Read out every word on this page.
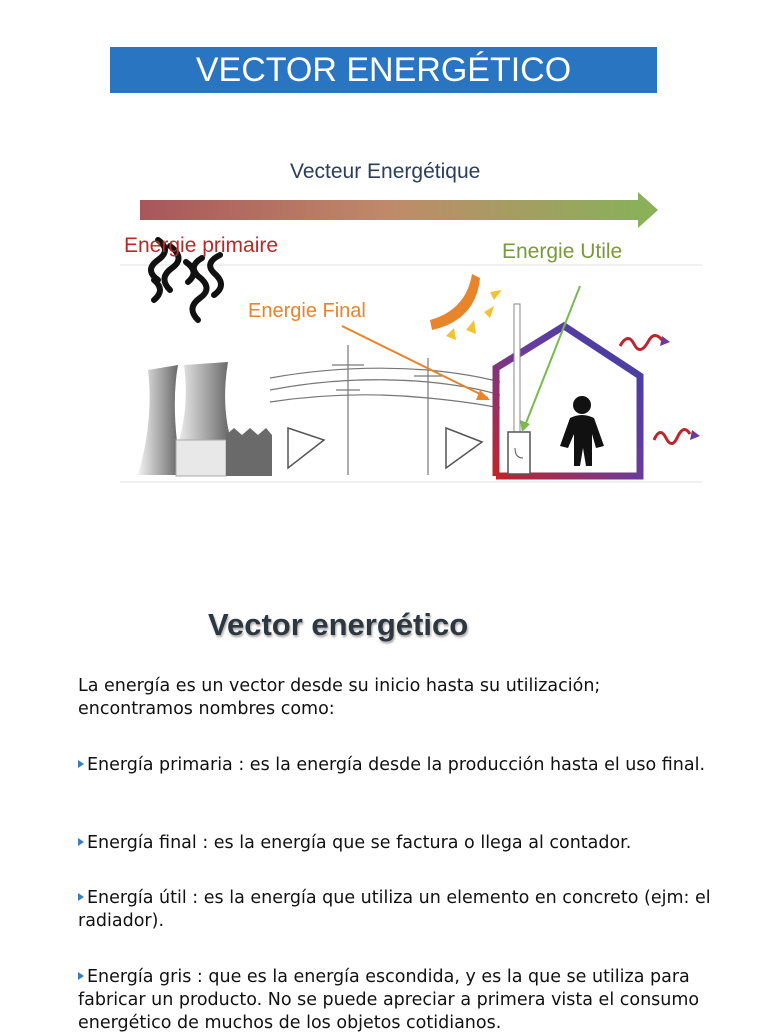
VECTOR ENERGÉTICO
Vecteur Energétique
Energie primaire	Energie Utile
Energie Final
Vector energético
La energía es un vector desde su inicio hasta su utilización; encontramos nombres como:
Energía primaria : es la energía desde la producción hasta el uso final.
Energía final : es la energía que se factura o llega al contador.
Energía útil : es la energía que utiliza un elemento en concreto (ejm: el radiador).
Energía gris : que es la energía escondida, y es la que se utiliza para fabricar un producto. No se puede apreciar a primera vista el consumo energético de muchos de los objetos cotidianos.
